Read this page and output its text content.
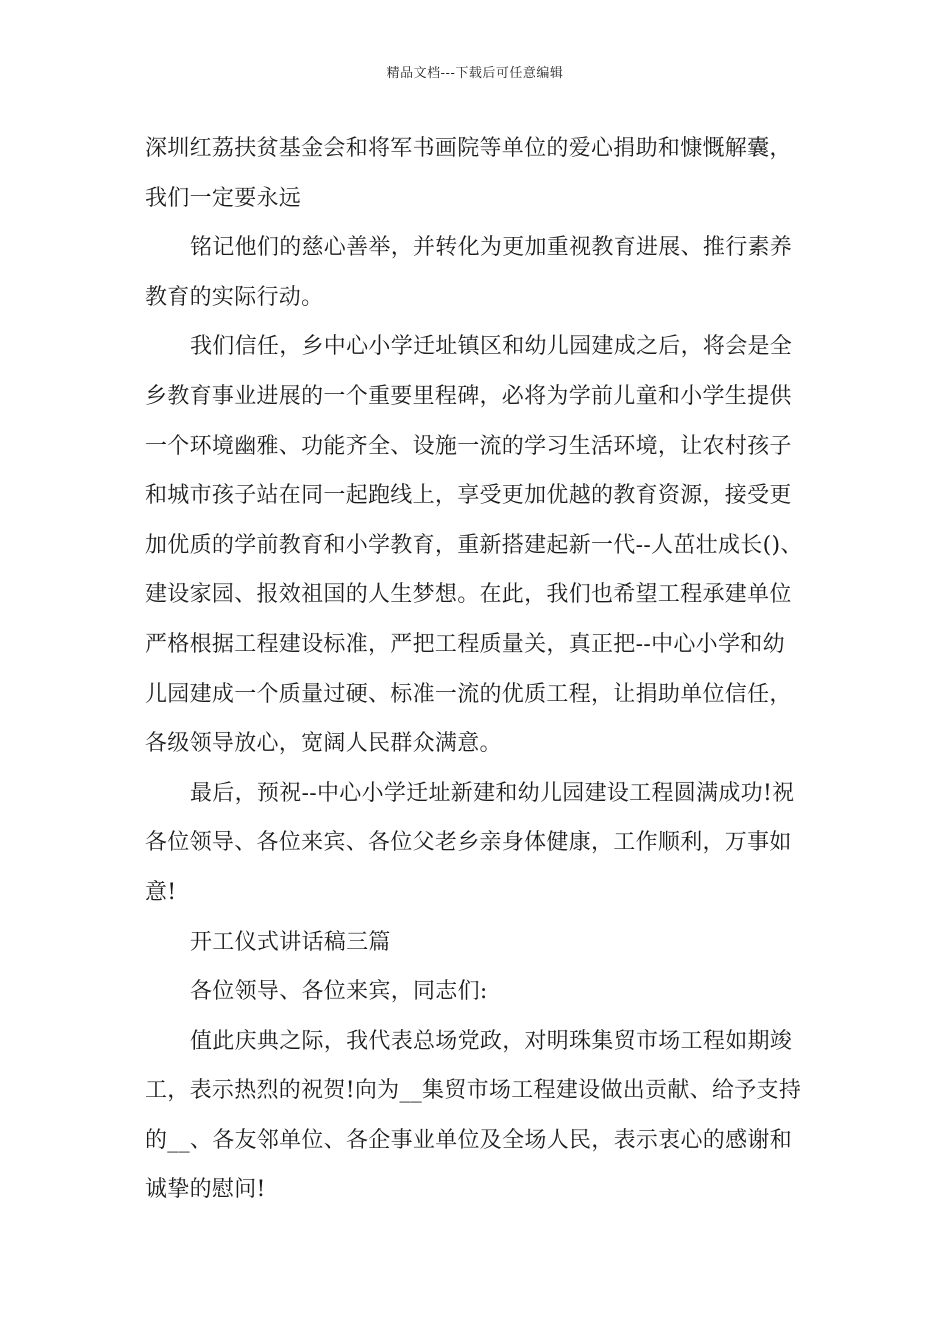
精品文档---下载后可任意编辑
深圳红荔扶贫基金会和将军书画院等单位的爱心捐助和慷慨解囊，
我们一定要永远
铭记他们的慈心善举，并转化为更加重视教育进展、推行素养
教育的实际行动。
我们信任，乡中心小学迁址镇区和幼儿园建成之后，将会是全
乡教育事业进展的一个重要里程碑，必将为学前儿童和小学生提供
一个环境幽雅、功能齐全、设施一流的学习生活环境，让农村孩子
和城市孩子站在同一起跑线上，享受更加优越的教育资源，接受更
加优质的学前教育和小学教育，重新搭建起新一代--人茁壮成长()、
建设家园、报效祖国的人生梦想。在此，我们也希望工程承建单位
严格根据工程建设标准，严把工程质量关，真正把--中心小学和幼
儿园建成一个质量过硬、标准一流的优质工程，让捐助单位信任，
各级领导放心，宽阔人民群众满意。
最后，预祝--中心小学迁址新建和幼儿园建设工程圆满成功!祝
各位领导、各位来宾、各位父老乡亲身体健康，工作顺利，万事如
意!
开工仪式讲话稿三篇
各位领导、各位来宾，同志们:
值此庆典之际，我代表总场党政，对明珠集贸市场工程如期竣
工，表示热烈的祝贺!向为__集贸市场工程建设做出贡献、给予支持
的__、各友邻单位、各企事业单位及全场人民，表示衷心的感谢和
诚挚的慰问!
